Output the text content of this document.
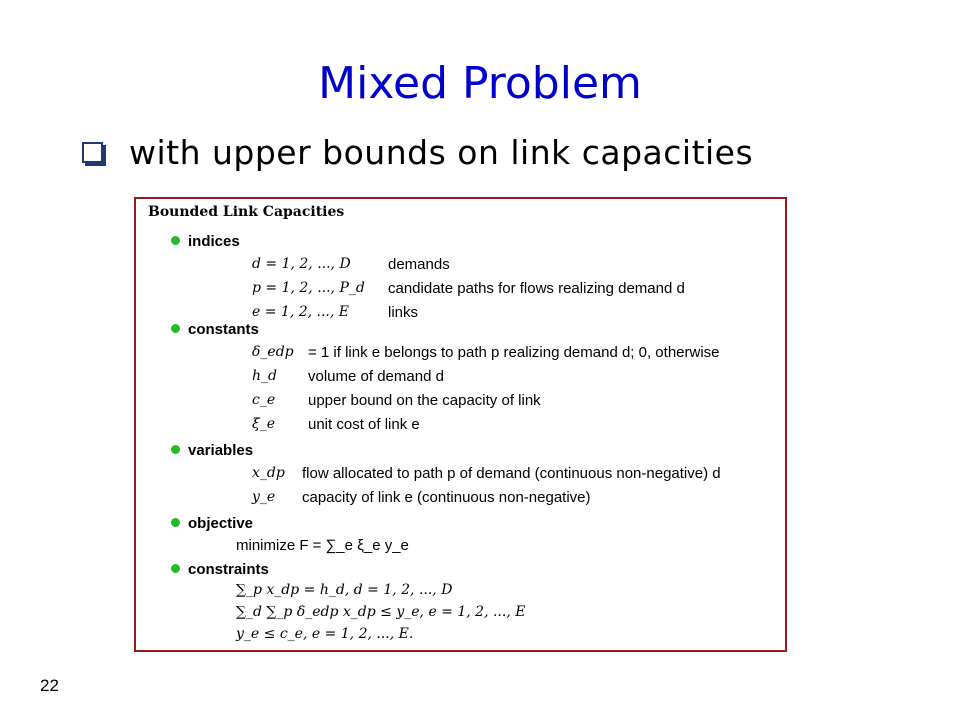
Mixed Problem
with upper bounds on link capacities
Bounded Link Capacities
indices
d = 1, 2, ..., D demands
p = 1, 2, ..., P_d candidate paths for flows realizing demand d
e = 1, 2, ..., E	links
constants
δ_edp = 1 if link e belongs to path p realizing demand d; 0, otherwise
h_d volume of demand d
c_e upper bound on the capacity of link
ξ_e unit cost of link e
variables
x_dp flow allocated to path p of demand (continuous non-negative) d
y_e capacity of link e (continuous non-negative)
objective
minimize F = ∑_e ξ_e y_e
constraints
∑_p x_dp = h_d, d = 1, 2, ..., D
∑_d ∑_p δ_edp x_dp ≤ y_e, e = 1, 2, ..., E
y_e ≤ c_e, e = 1, 2, ..., E.
22
